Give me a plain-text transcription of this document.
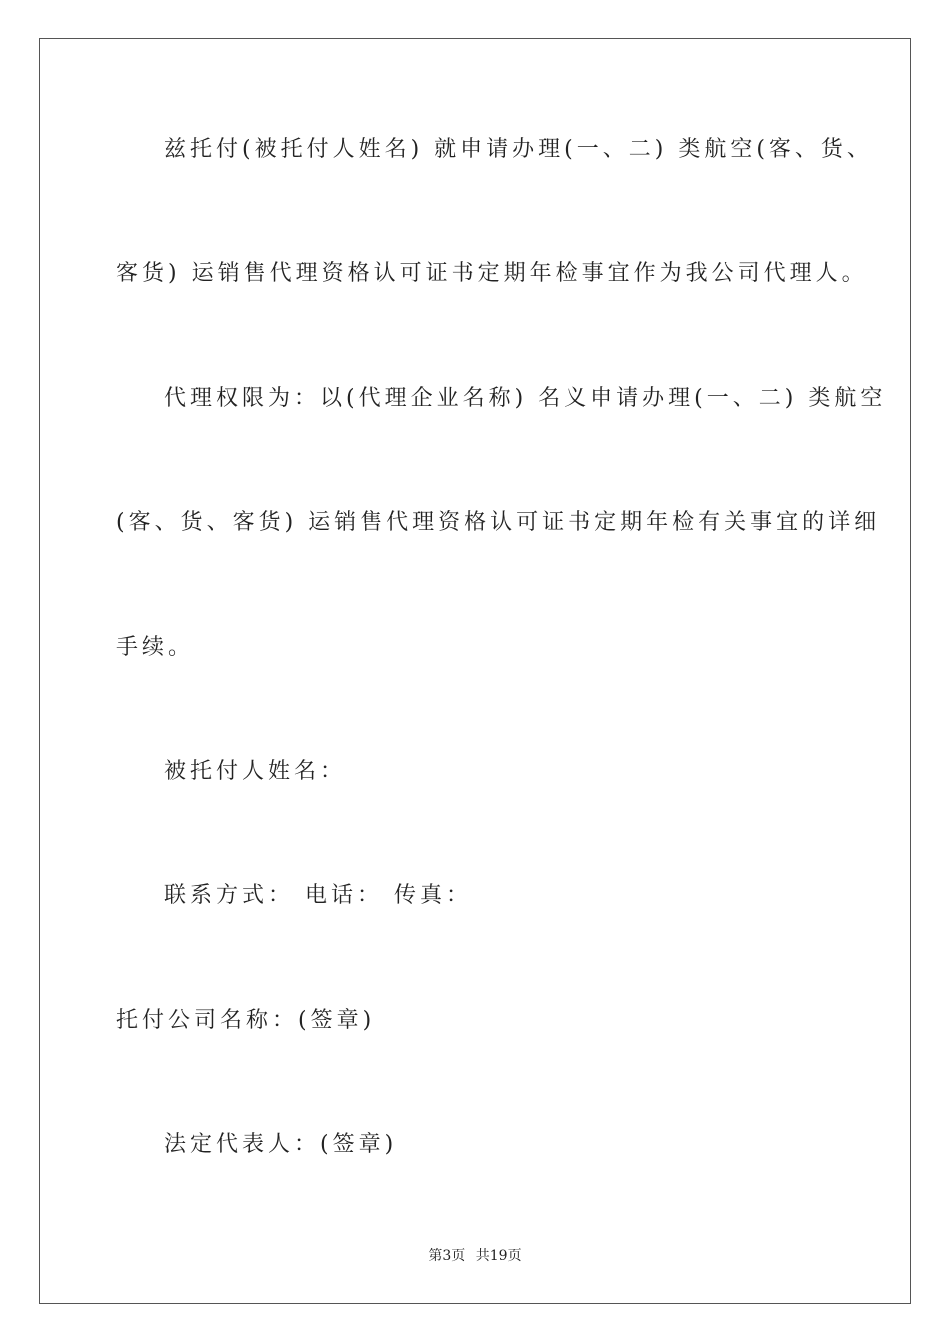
兹托付(被托付人姓名) 就申请办理(一、二) 类航空(客、货、
客货) 运销售代理资格认可证书定期年检事宜作为我公司代理人。
代理权限为：以(代理企业名称) 名义申请办理(一、二) 类航空
(客、货、客货) 运销售代理资格认可证书定期年检有关事宜的详细
手续。
被托付人姓名：
联系方式： 电话： 传真：
托付公司名称：(签章)
法定代表人：(签章)
第3页 共19页
